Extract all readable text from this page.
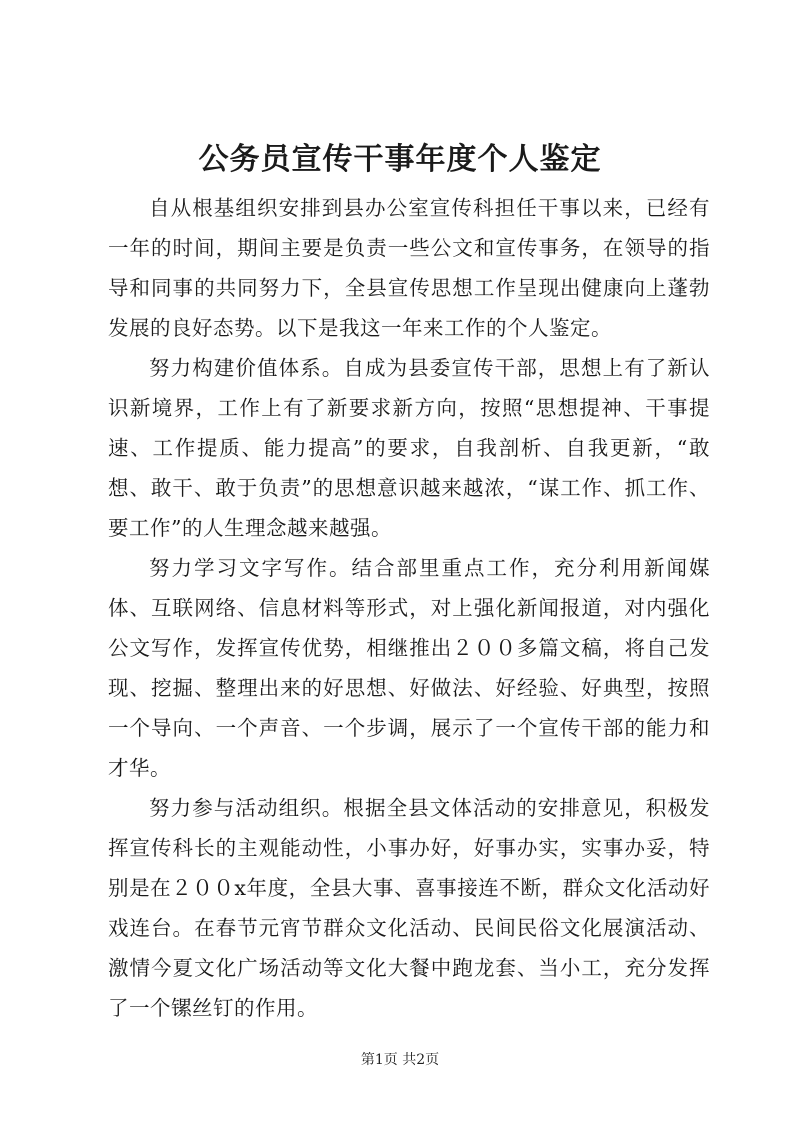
公务员宣传干事年度个人鉴定

自从根基组织安排到县办公室宣传科担任干事以来，已经有一年的时间，期间主要是负责一些公文和宣传事务，在领导的指导和同事的共同努力下，全县宣传思想工作呈现出健康向上蓬勃发展的良好态势。以下是我这一年来工作的个人鉴定。

努力构建价值体系。自成为县委宣传干部，思想上有了新认识新境界，工作上有了新要求新方向，按照“思想提神、干事提速、工作提质、能力提高”的要求，自我剖析、自我更新，“敢想、敢干、敢于负责”的思想意识越来越浓，“谋工作、抓工作、要工作”的人生理念越来越强。

努力学习文字写作。结合部里重点工作，充分利用新闻媒体、互联网络、信息材料等形式，对上强化新闻报道，对内强化公文写作，发挥宣传优势，相继推出２００多篇文稿，将自己发现、挖掘、整理出来的好思想、好做法、好经验、好典型，按照一个导向、一个声音、一个步调，展示了一个宣传干部的能力和才华。

努力参与活动组织。根据全县文体活动的安排意见，积极发挥宣传科长的主观能动性，小事办好，好事办实，实事办妥，特别是在２００x年度，全县大事、喜事接连不断，群众文化活动好戏连台。在春节元宵节群众文化活动、民间民俗文化展演活动、激情今夏文化广场活动等文化大餐中跑龙套、当小工，充分发挥了一个镙丝钉的作用。

第1页 共2页
